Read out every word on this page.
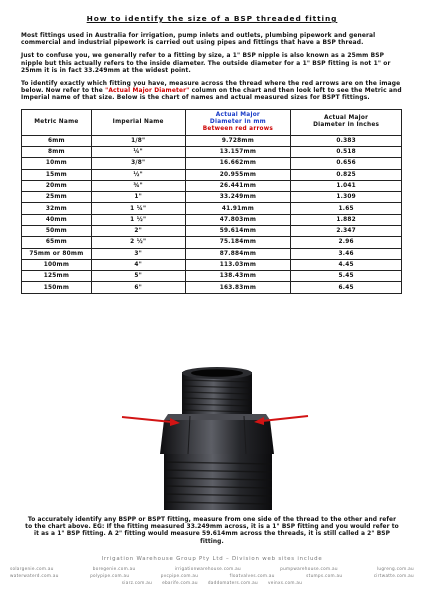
How to identify the size of a BSP threaded fitting

Most fittings used in Australia for irrigation, pump inlets and outlets, plumbing pipework and general commercial and industrial pipework is carried out using pipes and fittings that have a BSP thread.

Just to confuse you, we generally refer to a fitting by size, a 1" BSP nipple is also known as a 25mm BSP nipple but this actually refers to the inside diameter. The outside diameter for a 1" BSP fitting is not 1" or 25mm it is in fact 33.249mm at the widest point.

To identify exactly which fitting you have, measure across the thread where the red arrows are on the image below. Now refer to the "Actual Major Diameter" column on the chart and then look left to see the Metric and Imperial name of that size. Below is the chart of names and actual measured sizes for BSPT fittings.

Metric Name	Imperial Name	Actual Major
Diameter in mm
Between red arrows	Actual Major
Diameter in Inches
6mm	1/8"	9.728mm	0.383
8mm	¼"	13.157mm	0.518
10mm	3/8"	16.662mm	0.656
15mm	½"	20.955mm	0.825
20mm	¾"	26.441mm	1.041
25mm	1"	33.249mm	1.309
32mm	1 ¼"	41.91mm	1.65
40mm	1 ½"	47.803mm	1.882
50mm	2"	59.614mm	2.347
65mm	2 ½"	75.184mm	2.96
75mm or 80mm	3"	87.884mm	3.46
100mm	4"	113.03mm	4.45
125mm	5"	138.43mm	5.45
150mm	6"	163.83mm	6.45

To accurately identify any BSPP or BSPT fitting, measure from one side of the thread to the other and refer to the chart above. EG: If the fitting measured 33.249mm across, it is a 1" BSP fitting and you would refer to it as a 1" BSP fitting. A 2" fitting would measure 59.614mm across the threads, it is still called a 2" BSP fitting.

Irrigation Warehouse Group Pty Ltd – Division web sites include
solargenie.com.au	boregenie.com.au	irrigationwarehouse.com.au	pumpwarehouse.com.au	lugreng.com.au
waterwaterd.com.au	polypipe.com.au	pvcpipe.com.au	floatvalves.com.au	stumps.com.au	cirtwatte.com.au
siarz.com.au ebarife.com.au daddomaters.com.au veinxs.com.au
